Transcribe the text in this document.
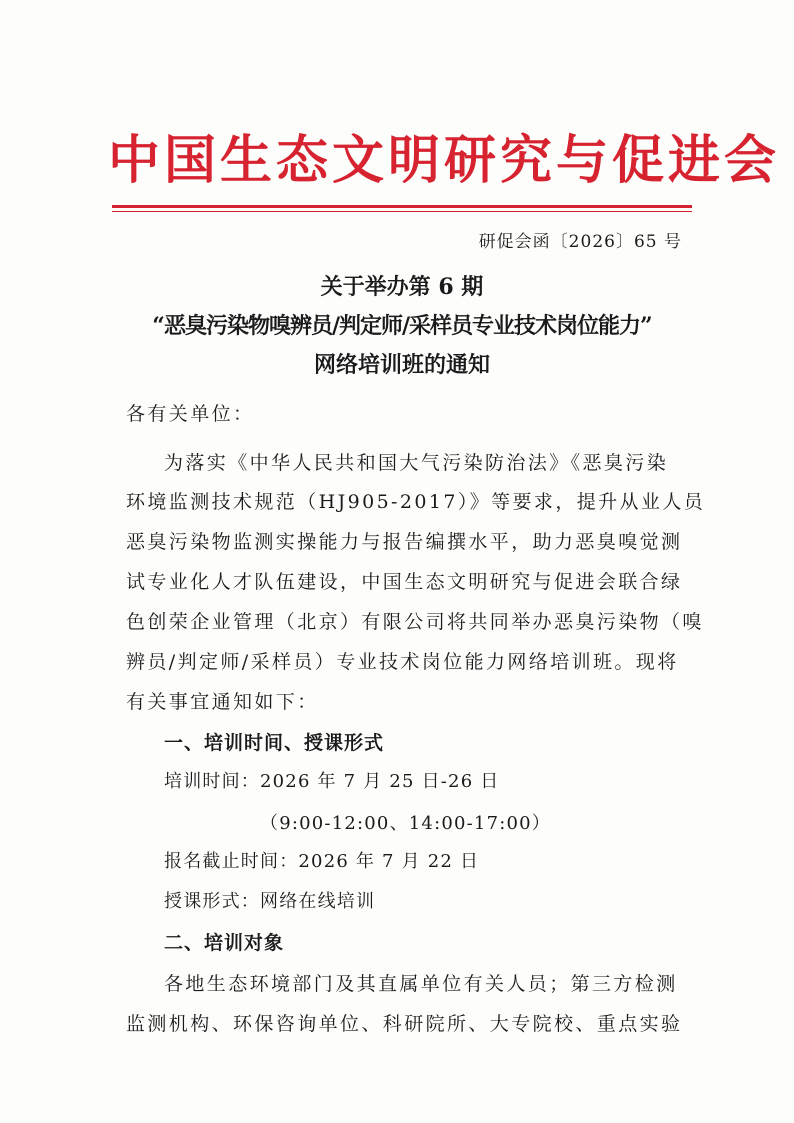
中国生态文明研究与促进会
研促会函〔2026〕65 号
关于举办第 6 期
“恶臭污染物嗅辨员/判定师/采样员专业技术岗位能力”
网络培训班的通知
各有关单位：
为落实《中华人民共和国大气污染防治法》《恶臭污染
环境监测技术规范（HJ905-2017）》等要求，提升从业人员
恶臭污染物监测实操能力与报告编撰水平，助力恶臭嗅觉测
试专业化人才队伍建设，中国生态文明研究与促进会联合绿
色创荣企业管理（北京）有限公司将共同举办恶臭污染物（嗅
辨员/判定师/采样员）专业技术岗位能力网络培训班。现将
有关事宜通知如下：
一、培训时间、授课形式
培训时间：2026 年 7 月 25 日-26 日
（9:00-12:00、14:00-17:00）
报名截止时间：2026 年 7 月 22 日
授课形式：网络在线培训
二、培训对象
各地生态环境部门及其直属单位有关人员；第三方检测
监测机构、环保咨询单位、科研院所、大专院校、重点实验
